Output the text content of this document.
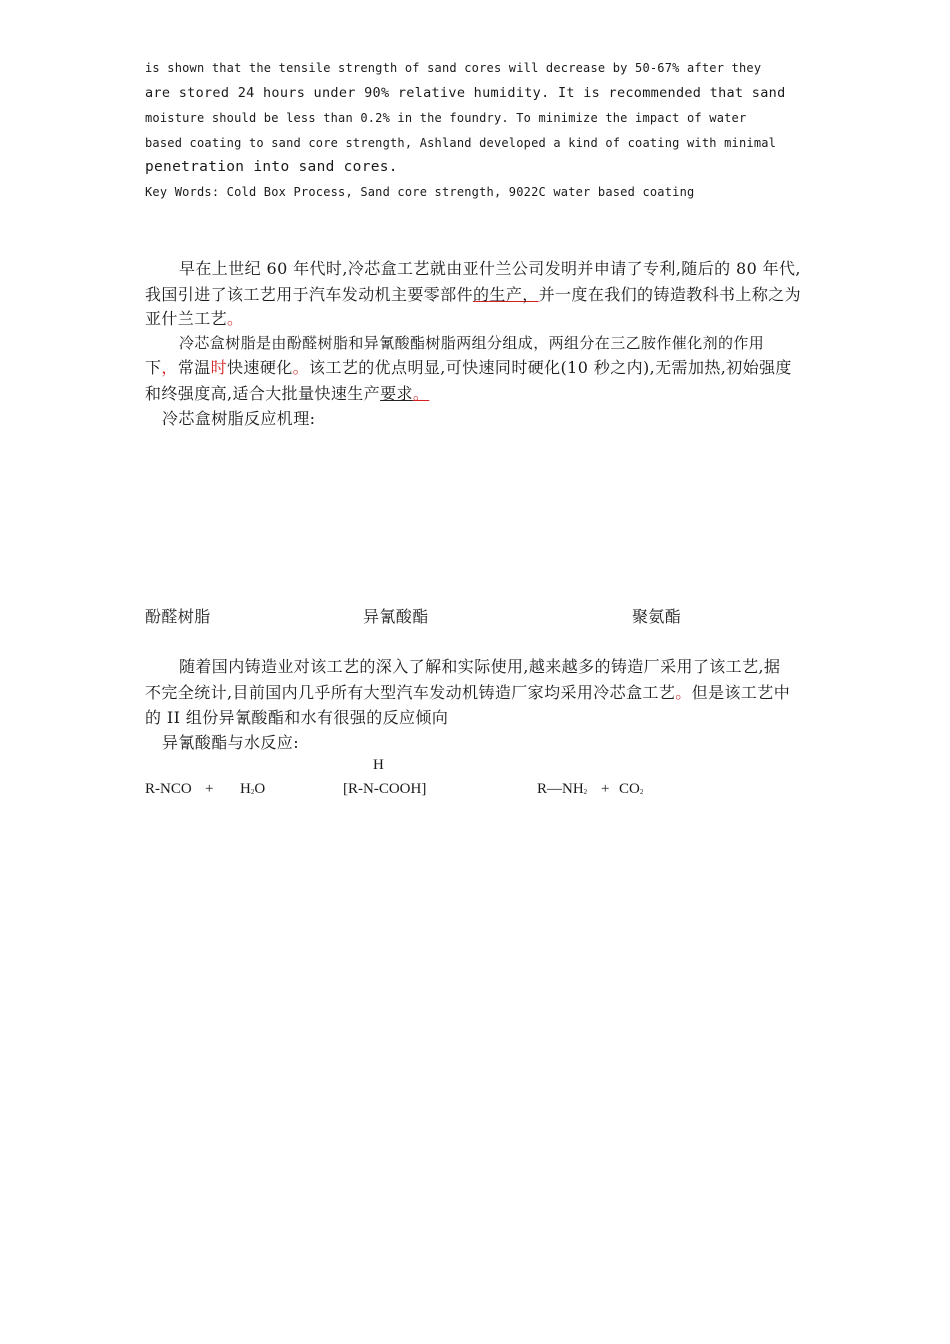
is shown that the tensile strength of sand cores will decrease by 50-67% after they
are stored 24 hours under 90% relative humidity. It is recommended that sand
moisture should be less than 0.2% in the foundry. To minimize the impact of water
based coating to sand core strength, Ashland developed a kind of coating with minimal
penetration into sand cores.
Key Words: Cold Box Process, Sand core strength, 9022C water based coating
早在上世纪 60 年代时,冷芯盒工艺就由亚什兰公司发明并申请了专利,随后的 80 年代,
我国引进了该工艺用于汽车发动机主要零部件的生产，并一度在我们的铸造教科书上称之为
亚什兰工艺。
冷芯盒树脂是由酚醛树脂和异氰酸酯树脂两组分组成，两组分在三乙胺作催化剂的作用
下，常温时快速硬化。该工艺的优点明显,可快速同时硬化(10 秒之内),无需加热,初始强度
和终强度高,适合大批量快速生产要求。
冷芯盒树脂反应机理:
酚醛树脂	异氰酸酯	聚氨酯
随着国内铸造业对该工艺的深入了解和实际使用,越来越多的铸造厂采用了该工艺,据
不完全统计,目前国内几乎所有大型汽车发动机铸造厂家均采用冷芯盒工艺。但是该工艺中
的 II 组份异氰酸酯和水有很强的反应倾向
异氰酸酯与水反应:
H
$R-NCO + H_2O$	[R-N-COOH]	$R—NH_2 + CO_2$
